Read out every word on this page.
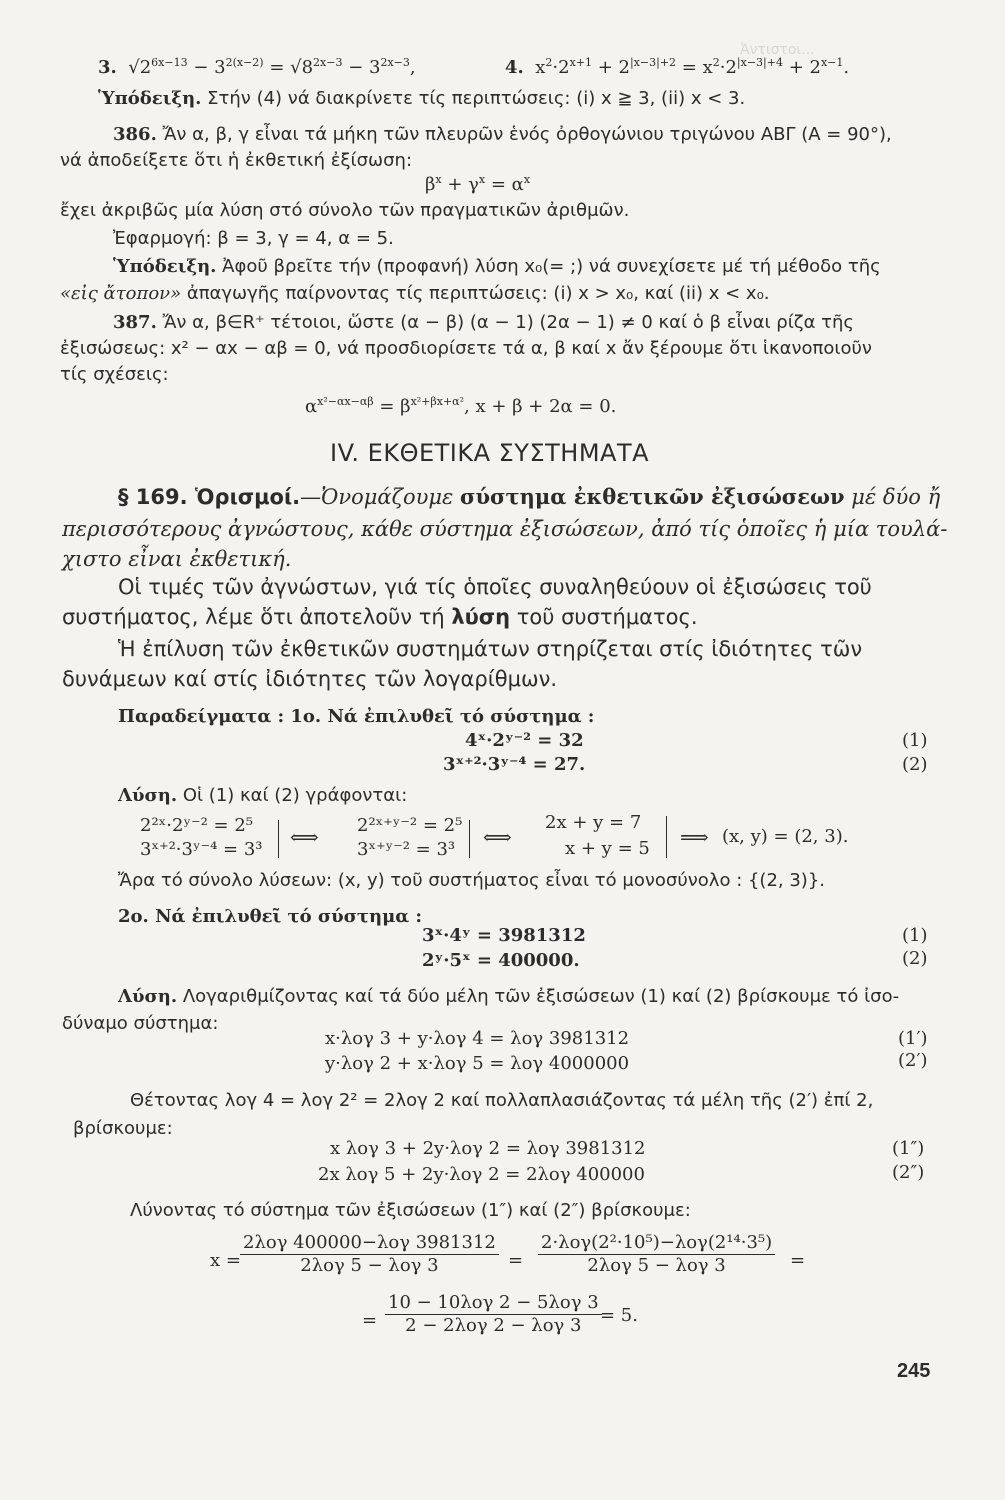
Ἀντιστοι...
3. $√2^{6x-13} - 3^{2(x-2)} = √8^{2x-3} - 3^{2x-3}$,	4. $x^2\cdot 2^{x+1} + 2^{|x-3|+2} = x^2\cdot 2^{|x-3|+4} + 2^{x-1}$.
Ὑπόδειξη. Στήν (4) νά διακρίνετε τίς περιπτώσεις: (i) x ≧ 3, (ii) x < 3.
386. Ἄν α, β, γ εἶναι τά μήκη τῶν πλευρῶν ἑνός ὀρθογώνιου τριγώνου ΑΒΓ (Α = 90°),
νά ἀποδείξετε ὅτι ἡ ἐκθετική ἐξίσωση:
$\beta^x + \gamma^x = \alpha^x$
ἔχει ἀκριβῶς μία λύση στό σύνολο τῶν πραγματικῶν ἀριθμῶν.
Ἐφαρμογή: β = 3, γ = 4, α = 5.
Ὑπόδειξη. Ἀφοῦ βρεῖτε τήν (προφανή) λύση x₀(= ;) νά συνεχίσετε μέ τή μέθοδο τῆς
«εἰς ἄτοπον» ἀπαγωγῆς παίρνοντας τίς περιπτώσεις: (i) x > x₀, καί (ii) x < x₀.
387. Ἄν α, β∈R⁺ τέτοιοι, ὥστε (α − β) (α − 1) (2α − 1) ≠ 0 καί ὁ β εἶναι ρίζα τῆς
ἐξισώσεως: x² − αx − αβ = 0, νά προσδιορίσετε τά α, β καί x ἄν ξέρουμε ὅτι ἱκανοποιοῦν
τίς σχέσεις:
$\alpha^{x^2-\alpha x-\alpha\beta} = \beta^{x^2+\beta x+\alpha^2}$, x + β + 2α = 0.
IV. ΕΚΘΕΤΙΚΑ ΣΥΣΤΗΜΑΤΑ
§ 169. Ὁρισμοί.—Ὀνομάζουμε σύστημα ἐκθετικῶν ἐξισώσεων μέ δύο ἤ
περισσότερους ἀγνώστους, κάθε σύστημα ἐξισώσεων, ἀπό τίς ὁποῖες ἡ μία τουλά-
χιστο εἶναι ἐκθετική.
Οἱ τιμές τῶν ἀγνώστων, γιά τίς ὁποῖες συναληθεύουν οἱ ἐξισώσεις τοῦ
συστήματος, λέμε ὅτι ἀποτελοῦν τή λύση τοῦ συστήματος.
Ἡ ἐπίλυση τῶν ἐκθετικῶν συστημάτων στηρίζεται στίς ἰδιότητες τῶν
δυνάμεων καί στίς ἰδιότητες τῶν λογαρίθμων.
Παραδείγματα : 1ο. Νά ἐπιλυθεῖ τό σύστημα :
4ˣ·2ʸ⁻² = 32	(1)
3ˣ⁺²·3ʸ⁻⁴ = 27.	(2)
Λύση. Οἱ (1) καί (2) γράφονται:
2²ˣ·2ʸ⁻² = 2⁵
3ˣ⁺²·3ʸ⁻⁴ = 3³
⟺ 2²ˣ⁺ʸ⁻² = 2⁵
3ˣ⁺ʸ⁻² = 3³
⟺
2x + y = 7
x + y = 5 ⟹ (x, y) = (2, 3).
Ἄρα τό σύνολο λύσεων: (x, y) τοῦ συστήματος εἶναι τό μονοσύνολο : {(2, 3)}.
2ο. Νά ἐπιλυθεῖ τό σύστημα :
3ˣ·4ʸ = 3981312	(1)
2ʸ·5ˣ = 400000.	(2)
Λύση. Λογαριθμίζοντας καί τά δύο μέλη τῶν ἐξισώσεων (1) καί (2) βρίσκουμε τό ἰσο-
δύναμο σύστημα:
x·λογ 3 + y·λογ 4 = λογ 3981312	(1′)
y·λογ 2 + x·λογ 5 = λογ 4000000	(2′)
Θέτοντας λογ 4 = λογ 2² = 2λογ 2 καί πολλαπλασιάζοντας τά μέλη τῆς (2′) ἐπί 2,
βρίσκουμε:
x λογ 3 + 2y·λογ 2 = λογ 3981312	(1″)
2x λογ 5 + 2y·λογ 2 = 2λογ 400000	(2″)
Λύνοντας τό σύστημα τῶν ἐξισώσεων (1″) καί (2″) βρίσκουμε:
$x = \frac{\text{2λογ 400000−λογ 3981312}}{\text{2λογ 5 − λογ 3}} = \frac{\text{2·λογ(2²·10⁵)−λογ(2¹⁴·3⁵)}}{\text{2λογ 5 − λογ 3}}$ =
= $\frac{\text{10 − 10λογ 2 − 5λογ 3}}{\text{2 − 2λογ 2 − λογ 3}}$
= 5.
245
